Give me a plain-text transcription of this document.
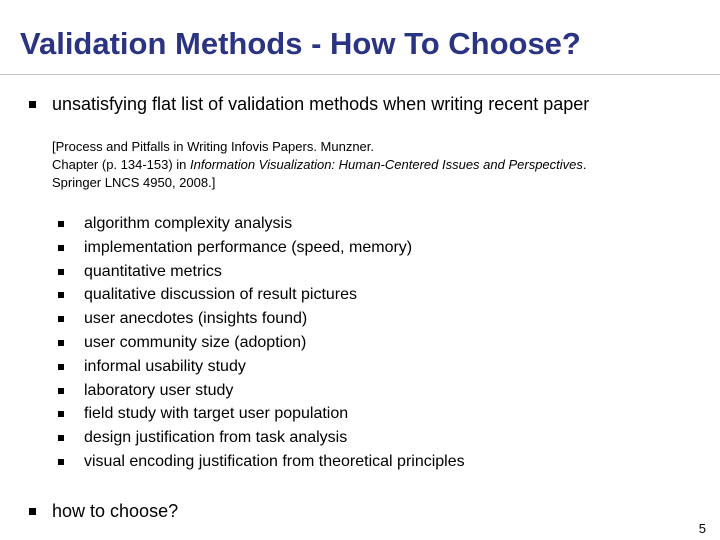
Validation Methods - How To Choose?
unsatisfying flat list of validation methods when writing recent paper
[Process and Pitfalls in Writing Infovis Papers. Munzner.
Chapter (p. 134-153) in Information Visualization: Human-Centered Issues and Perspectives.
Springer LNCS 4950, 2008.]
algorithm complexity analysis
implementation performance (speed, memory)
quantitative metrics
qualitative discussion of result pictures
user anecdotes (insights found)
user community size (adoption)
informal usability study
laboratory user study
field study with target user population
design justification from task analysis
visual encoding justification from theoretical principles
how to choose?
5
